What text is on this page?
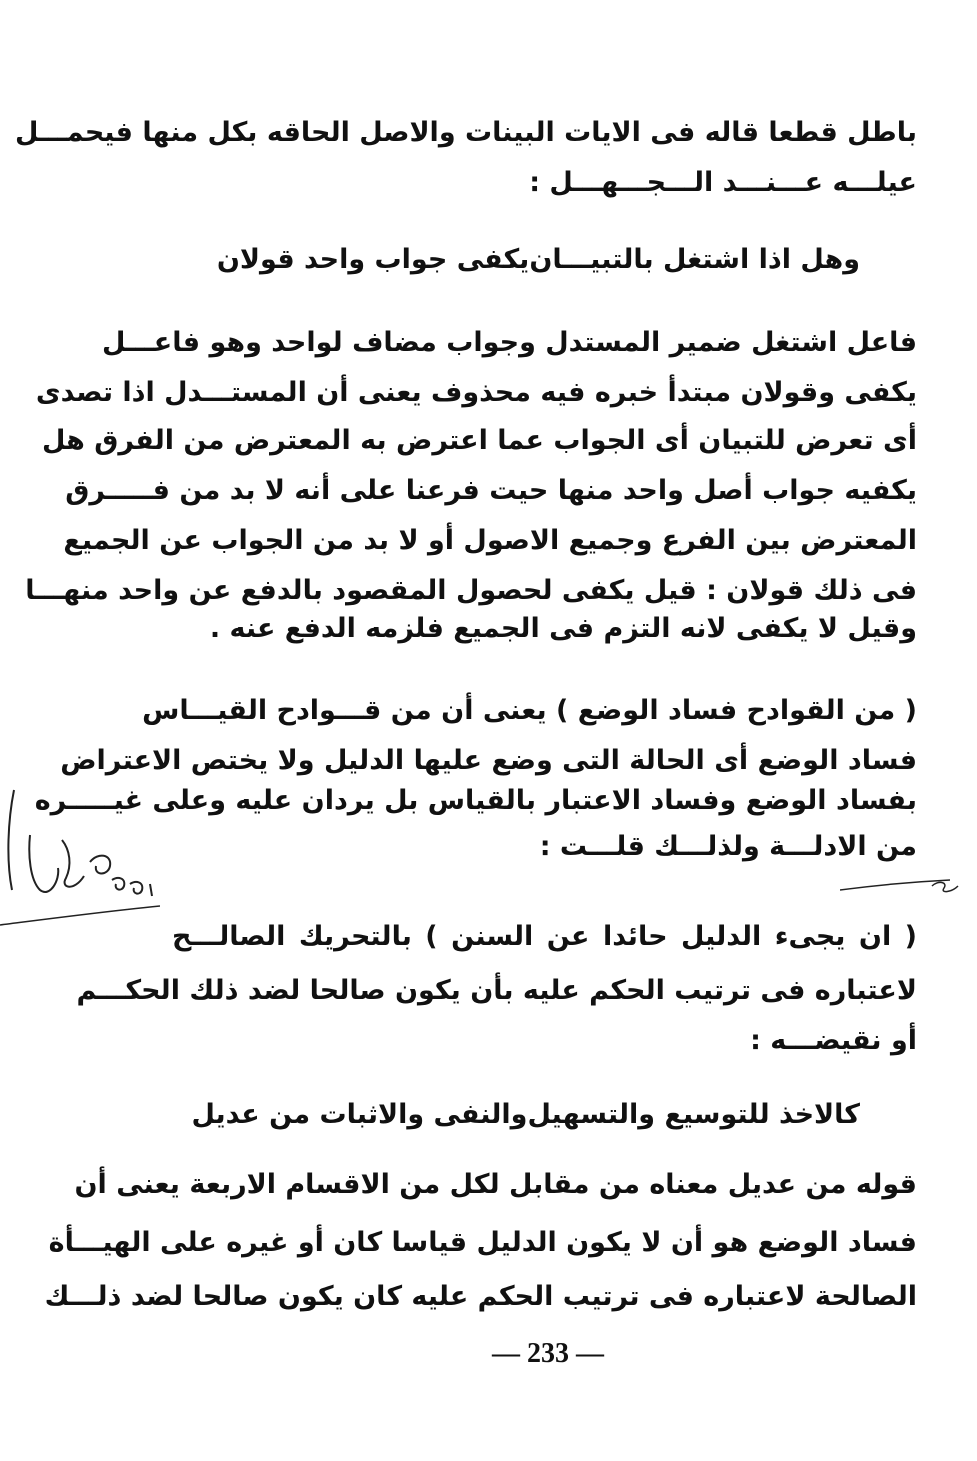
باطل قطعا قاله فى الايات البينات والاصل الحاقه بكل منها فيحمـــل
عيلـــه عـــنـــد الـــجـــهـــل :
وهل اذا اشتغل بالتبيـــان
يكفى جواب واحد قولان
فاعل اشتغل ضمير المستدل وجواب مضاف لواحد وهو فاعـــل
يكفى وقولان مبتدأ خبره فيه محذوف يعنى أن المستـــدل اذا تصدى
أى تعرض للتبيان أى الجواب عما اعترض به المعترض من الفرق هل
يكفيه جواب أصل واحد منها حيت فرعنا على أنه لا بد من فـــــرق
المعترض بين الفرع وجميع الاصول أو لا بد من الجواب عن الجميع
فى ذلك قولان : قيل يكفى لحصول المقصود بالدفع عن واحد منهـــا
وقيل لا يكفى لانه التزم فى الجميع فلزمه الدفع عنه .
( من القوادح فساد الوضع ) يعنى أن من قـــوادح القيـــاس
فساد الوضع أى الحالة التى وضع عليها الدليل ولا يختص الاعتراض
بفساد الوضع وفساد الاعتبار بالقياس بل يردان عليه وعلى غيـــــره
من الادلـــة ولذلـــك قلـــت :
( ان يجىء الدليل حائدا عن السنن ) بالتحريك الصالـــح
لاعتباره فى ترتيب الحكم عليه بأن يكون صالحا لضد ذلك الحكـــم
أو نقيضـــه :
كالاخذ للتوسيع والتسهيل
والنفى والاثبات من عديل
قوله من عديل معناه من مقابل لكل من الاقسام الاربعة يعنى أن
فساد الوضع هو أن لا يكون الدليل قياسا كان أو غيره على الهيـــأة
الصالحة لاعتباره فى ترتيب الحكم عليه كان يكون صالحا لضد ذلـــك
— 233 —
